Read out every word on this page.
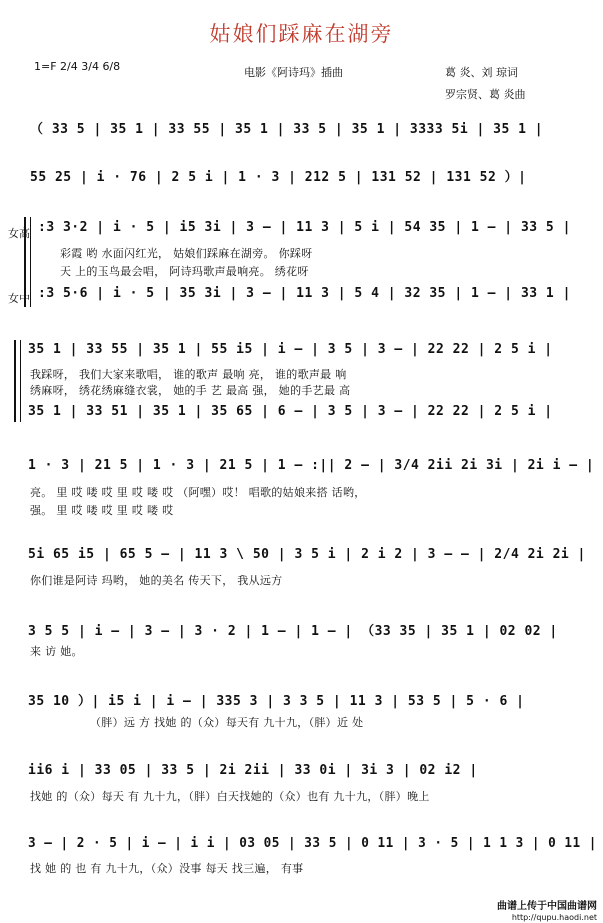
姑娘们踩麻在湖旁
1=F 2/4 3/4 6/8	电影《阿诗玛》插曲	葛 炎、刘 琼词
罗宗贤、葛 炎曲
女高
女中
（ 33 5 | 35 1 | 33 55 | 35 1 | 33 5 | 35 1 | 3333 5i | 35 1 |
55 25 | i · 76 | 2 5 i | 1 · 3 | 212 5 | 131 52 | 131 52 ）|
:3 3·2 | i · 5 | i5 3i | 3 – | 11 3 | 5 i | 54 35 | 1 – | 33 5 |
:3 5·6 | i · 5 | 35 3i | 3 – | 11 3 | 5 4 | 32 35 | 1 – | 33 1 |
35 1 | 33 55 | 35 1 | 55 i5 | i – | 3 5 | 3 – | 22 22 | 2 5 i |
35 1 | 33 51 | 35 1 | 35 65 | 6 – | 3 5 | 3 – | 22 22 | 2 5 i |
1 · 3 | 21 5 | 1 · 3 | 21 5 | 1 – :|| 2 – | 3/4 2ii 2i 3i | 2i i – |
5i 65 i5 | 65 5 – | 11 3 \ 50 | 3 5 i | 2 i 2 | 3 – – | 2/4 2i 2i |
3 5 5 | i – | 3 – | 3 · 2 | 1 – | 1 – | （33 35 | 35 1 | 02 02 |
35 10 ）| i5 i | i – | 335 3 | 3 3 5 | 11 3 | 53 5 | 5 · 6 |
ii6 i | 33 05 | 33 5 | 2i 2ii | 33 0i | 3i 3 | 02 i2 |
3 – | 2 · 5 | i – | i i | 03 05 | 33 5 | 0 11 | 3 · 5 | 1 1 3 | 0 11 |
彩霞 哟 水面闪红光， 姑娘们踩麻在湖旁。 你踩呀
天 上的玉鸟最会唱， 阿诗玛歌声最响亮。 绣花呀
我踩呀， 我们大家来歌唱， 谁的歌声 最响 亮， 谁的歌声最 响
绣麻呀， 绣花绣麻缝衣裳， 她的手 艺 最高 强， 她的手艺最 高
亮。 里 哎 喽 哎 里 哎 喽 哎 （阿嘿）哎！ 唱歌的姑娘来搭 话哟，
强。 里 哎 喽 哎 里 哎 喽 哎
你们谁是阿诗 玛哟， 她的美名 传天下， 我从远方
来 访 她。
（胖）远 方 找她 的（众）每天有 九十九，（胖）近 处
找她 的（众）每天 有 九十九，（胖）白天找她的（众）也有 九十九，（胖）晚上
找 她 的 也 有 九十九，（众）没事 每天 找三遍， 有事
曲谱上传于中国曲谱网
http://qupu.haodi.net
